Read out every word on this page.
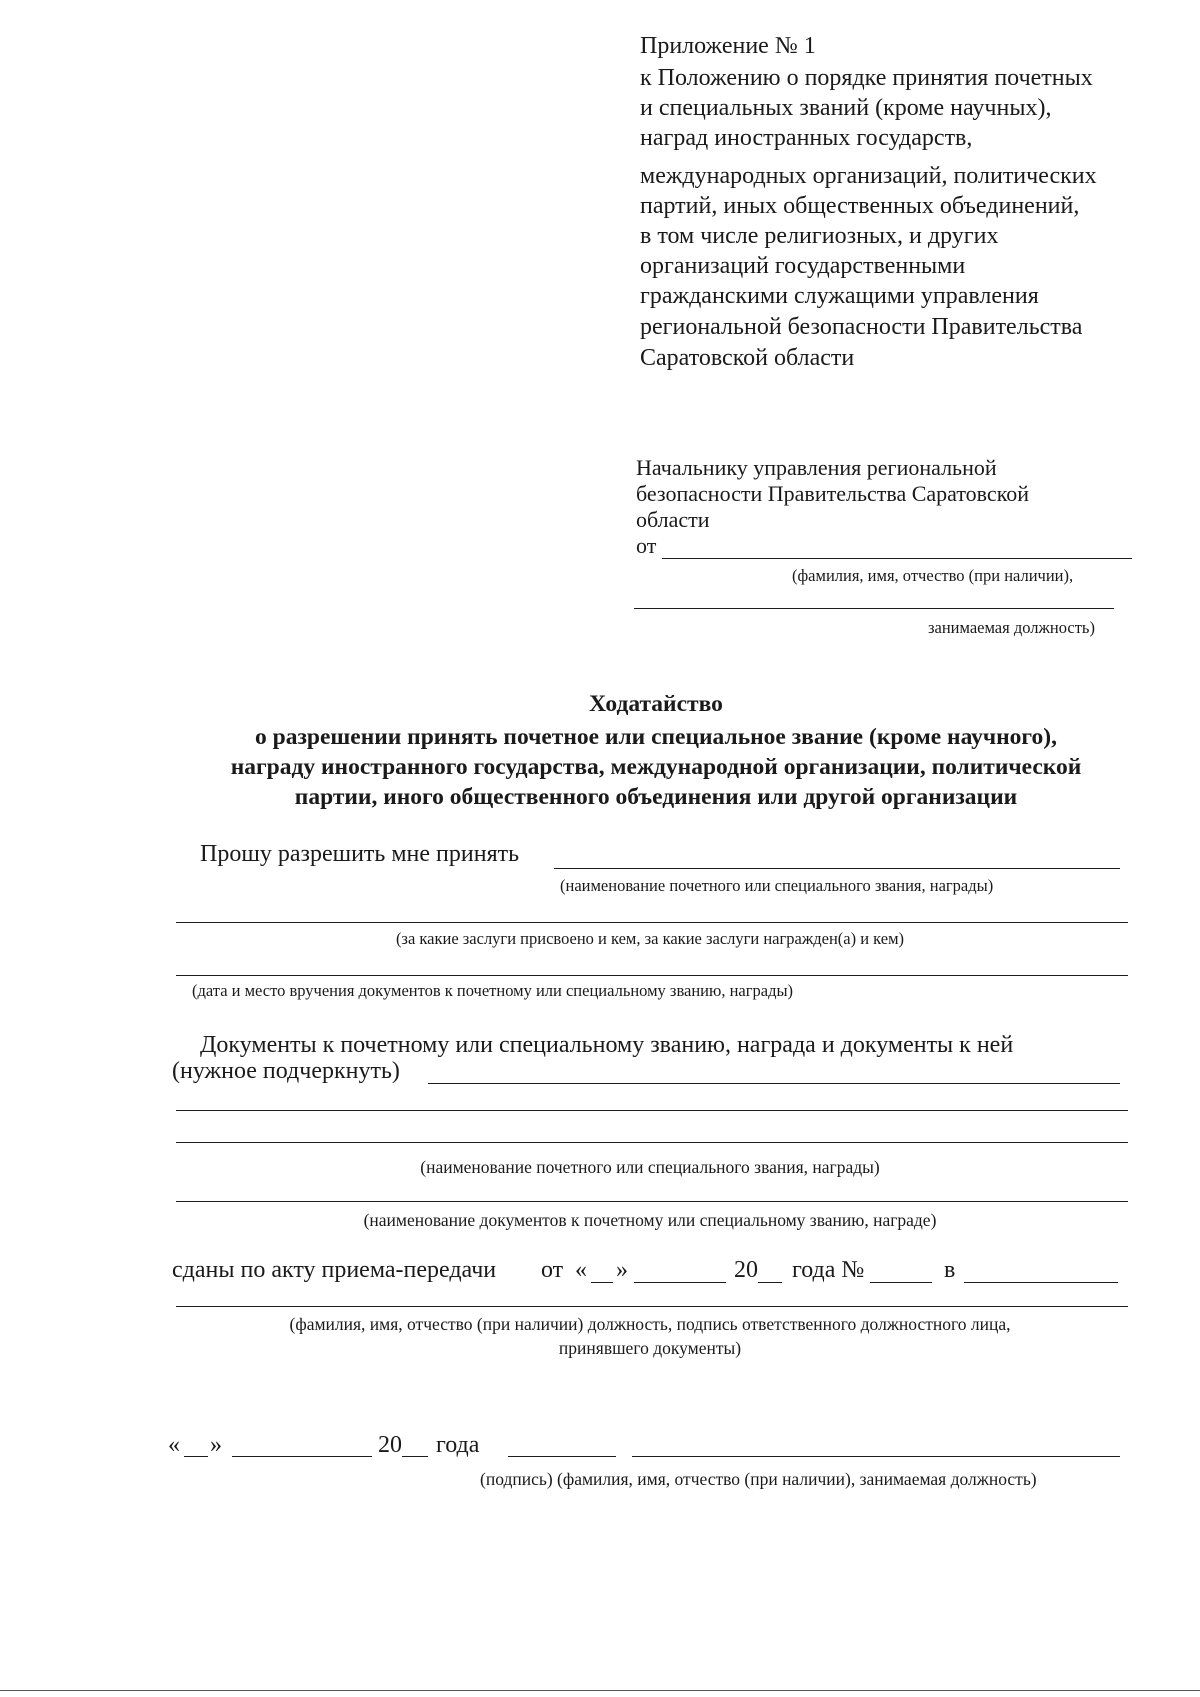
Приложение № 1
к Положению о порядке принятия почетных
и специальных званий (кроме научных),
наград иностранных государств,
международных организаций, политических
партий, иных общественных объединений,
в том числе религиозных, и других
организаций государственными
гражданскими служащими управления
региональной безопасности Правительства
Саратовской области
Начальнику управления региональной
безопасности Правительства Саратовской
области
от
(фамилия, имя, отчество (при наличии),
занимаемая должность)
Ходатайство
о разрешении принять почетное или специальное звание (кроме научного),
награду иностранного государства, международной организации, политической
партии, иного общественного объединения или другой организации
Прошу разрешить мне принять
(наименование почетного или специального звания, награды)
(за какие заслуги присвоено и кем, за какие заслуги награжден(а) и кем)
(дата и место вручения документов к почетному или специальному званию, награды)
Документы к почетному или специальному званию, награда и документы к ней
(нужное подчеркнуть)
(наименование почетного или специального звания, награды)
(наименование документов к почетному или специальному званию, награде)
сданы по акту приема-передачи от « »	20 года №	в
(фамилия, имя, отчество (при наличии) должность, подпись ответственного должностного лица,
принявшего документы)
« »	20 года
(подпись) (фамилия, имя, отчество (при наличии), занимаемая должность)
